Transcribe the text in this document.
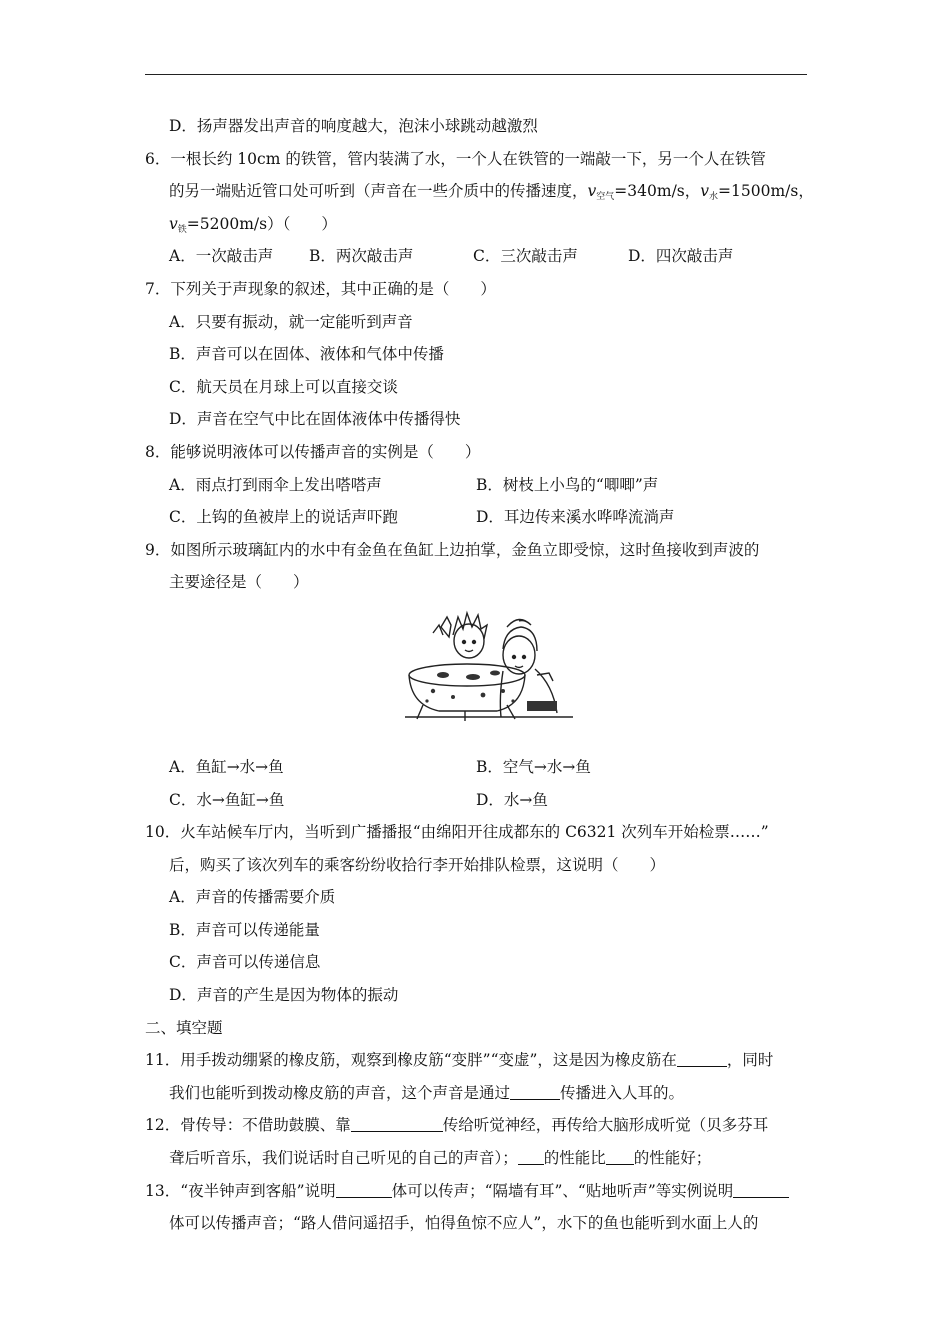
D．扬声器发出声音的响度越大，泡沫小球跳动越激烈
6．一根长约 10cm 的铁管，管内装满了水，一个人在铁管的一端敲一下，另一个人在铁管
的另一端贴近管口处可听到（声音在一些介质中的传播速度，$v_{空气}=340m/s$，$v_水=1500m/s$，
$v_铁=5200m/s$）（　　）
A．一次敲击声 B．两次敲击声	C．三次敲击声	D．四次敲击声
7．下列关于声现象的叙述，其中正确的是（　　）
A．只要有振动，就一定能听到声音
B．声音可以在固体、液体和气体中传播
C．航天员在月球上可以直接交谈
D．声音在空气中比在固体液体中传播得快
8．能够说明液体可以传播声音的实例是（　　）
A．雨点打到雨伞上发出嗒嗒声	B．树枝上小鸟的“唧唧”声
C．上钩的鱼被岸上的说话声吓跑	D．耳边传来溪水哗哗流淌声
9．如图所示玻璃缸内的水中有金鱼在鱼缸上边拍掌，金鱼立即受惊，这时鱼接收到声波的
主要途径是（　　）
A．鱼缸→水→鱼	B．空气→水→鱼
C．水→鱼缸→鱼	D．水→鱼
10．火车站候车厅内，当听到广播播报“由绵阳开往成都东的 C6321 次列车开始检票……”
后，购买了该次列车的乘客纷纷收拾行李开始排队检票，这说明（　　）
A．声音的传播需要介质
B．声音可以传递能量
C．声音可以传递信息
D．声音的产生是因为物体的振动
二、填空题
11．用手拨动绷紧的橡皮筋，观察到橡皮筋“变胖”“变虚”，这是因为橡皮筋在	，同时
我们也能听到拨动橡皮筋的声音，这个声音是通过	传播进入人耳的。
12．骨传导：不借助鼓膜、靠	传给听觉神经，再传给大脑形成听觉（贝多芬耳
聋后听音乐，我们说话时自己听见的自己的声音）； 的性能比 的性能好；
13．“夜半钟声到客船”说明	体可以传声；“隔墙有耳”、“贴地听声”等实例说明
体可以传播声音；“路人借问遥招手，怕得鱼惊不应人”，水下的鱼也能听到水面上人的
